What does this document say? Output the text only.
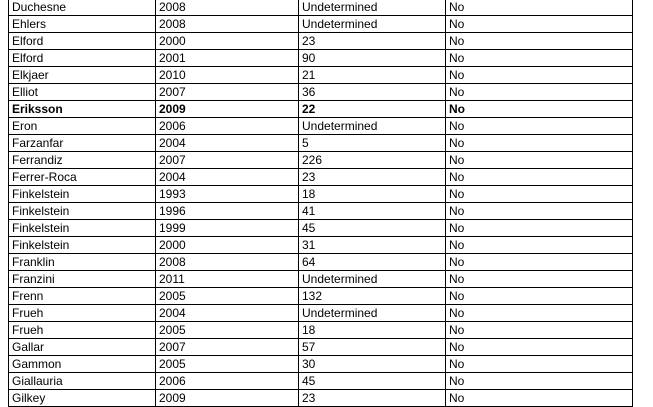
Duchesne	2008	Undetermined	No
Ehlers	2008	Undetermined	No
Elford	2000	23	No
Elford	2001	90	No
Elkjaer	2010	21	No
Elliot	2007	36	No
Eriksson	2009	22	No
Eron	2006	Undetermined	No
Farzanfar	2004	5	No
Ferrandiz	2007	226	No
Ferrer-Roca	2004	23	No
Finkelstein	1993	18	No
Finkelstein	1996	41	No
Finkelstein	1999	45	No
Finkelstein	2000	31	No
Franklin	2008	64	No
Franzini	2011	Undetermined	No
Frenn	2005	132	No
Frueh	2004	Undetermined	No
Frueh	2005	18	No
Gallar	2007	57	No
Gammon	2005	30	No
Giallauria	2006	45	No
Gilkey	2009	23	No
